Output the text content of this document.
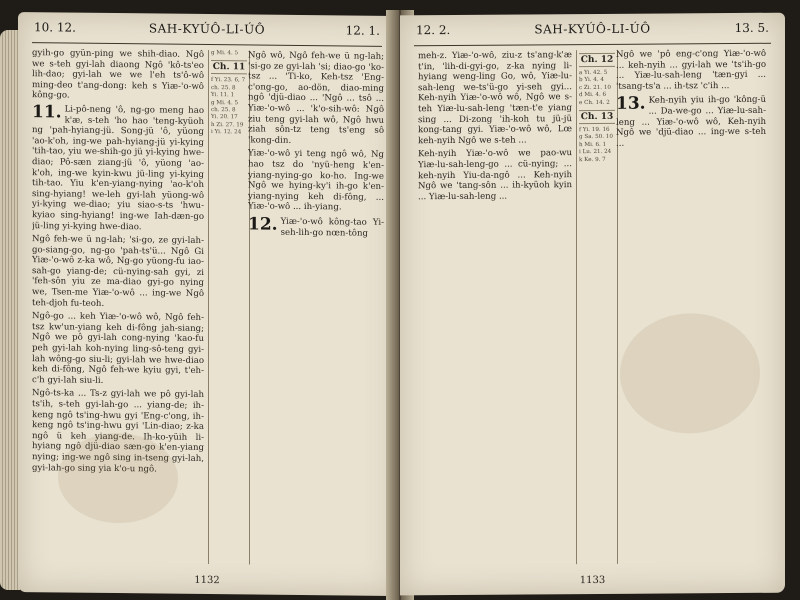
10. 12.	SAH-KYÚÔ-LI-ÚÔ	12. 1.
gyih-go gyün-ping we shih-diao. Ngô we s-teh gyi-lah diaong Ngô 'kô-ts'eo lih-dao; gyi-lah we we l'eh ts'ô-wô ming-deo t'ang-dong: keh s Yiæ-'o-wô kông-go.
11. Li-pô-neng 'ô, ng-go meng hao k'æ, s-teh 'ho hao 'teng-kyüoh ng 'pah-hyiang-jü. Song-jü 'ô, yüong 'ao-k'oh, ing-we pah-hyiang-jü yi-kying 'tih-tao, yiu we-shih-go jü yi-kying hwe-diao; Pô-sæn ziang-jü 'ô, yüong 'ao-k'oh, ing-we kyin-kwu jü-ling yi-kying tih-tao. Yiu k'en-yiang-nying 'ao-k'oh sing-hyiang! we-leh gyi-lah yüong-wô yi-kying we-diao; yiu siao-s-ts 'hwu-kyiao sing-hyiang! ing-we Iah-dæn-go jü-ling yi-kying hwe-diao.
Ngô feh-we ü ng-lah; 'si-go, ze gyi-lah-go-siang-go, ng-go 'pah-ts'ü... Ngô Gi Yiæ-'o-wô z-ka wô, Ng-go yüong-fu iao-sah-go yiang-de; cü-nying-sah gyi, zi 'feh-sôn yiu ze ma-diao gyi-go nying we, Tsen-me Yiæ-'o-wô ... ing-we Ngô teh-djoh fu-teoh.
Ngô-go ... keh Yiæ-'o-wô wô, Ngô feh-tsz kw'un-yiang keh di-fông jah-siang; Ngô we pô gyi-lah cong-nying 'kao-fu peh gyi-lah koh-nying ling-sô-teng gyi-lah wông-go siu-li; gyi-lah we hwe-diao keh di-fông, Ngô feh-we kyiu gyi, t'eh-c'h gyi-lah siu-li.
Ngô-ts-ka ... Ts-z gyi-lah we pô gyi-lah ts'ih, s-teh gyi-lah-go ... yiang-de; ih-keng ngô ts'ing-hwu gyi 'Eng-c'ong, ih-keng ngô ts'ing-hwu gyi 'Lin-diao; z-ka ngô ü keh yiang-de. Ih-ko-yüih li-hyiang ngô djü-diao sæn-go k'en-yiang nying; ing-we ngô sing in-tseng gyi-lah, gyi-lah-go sing yia k'o-u ngô.
g Mi. 4. 5
Ch. 11
f Yi. 23. 6, 7
ch. 25. 8
Yi. 11. 1
g Mi. 4. 5
ch. 25. 8
Yi. 20. 17
h Zi. 27. 19
i Yi. 12. 24
Ngô wô, Ngô feh-we ü ng-lah; 'si-go ze gyi-lah 'si; diao-go 'ko-tsz ... 'Ti-ko, Keh-tsz 'Eng-c'ong-go, ao-dön, diao-ming ngô 'djü-diao ... 'Ngô ... tsô ... Yiæ-'o-wô ... 'k'o-sih-wô: Ngô ziu teng gyi-lah wô, Ngô hwu ziah sôn-tz teng ts'eng sô 'kong-din.
Yiæ-'o-wô yi teng ngô wô, Ng hao tsz do 'nyü-heng k'en-yiang-nying-go ko-ho. Ing-we Ngô we hying-ky'i ih-go k'en-yiang-nying keh di-fông, ... Yiæ-'o-wô ... ih-yiang.
12. Yiæ-'o-wô kông-tao Yi-seh-lih-go nœn-tông
1132
12. 2.	SAH-KYÚÔ-LI-ÚÔ	13. 5.
meh-z. Yiæ-'o-wô, ziu-z ts'ang-k'æ t'in, 'lih-di-gyi-go, z-ka nying li-hyiang weng-ling Go, wô, Yiæ-lu-sah-leng we-ts'ü-go yi-seh gyi... Keh-nyih Yiæ-'o-wô wô, Ngô we s-teh Yiæ-lu-sah-leng 'tæn-t'e yiang sing ... Di-zong 'ih-koh tu jü-jü kong-tang gyi. Yiæ-'o-wô wô, Lœ keh-nyih Ngô we s-teh ...
Keh-nyih Yiæ-'o-wô we pao-wu Yiæ-lu-sah-leng-go ... cü-nying; ... keh-nyih Yiu-da-ngô ... Keh-nyih Ngô we 'tang-sôn ... ih-kyüoh kyin ... Yiæ-lu-sah-leng ...
Ch. 12
a Yi. 42. 5
b Yi. 4. 4
c Zi. 21. 10
d Mi. 4. 6
e Ch. 14. 2
Ch. 13
f Yi. 19. 16
g Sa. 50. 10
h Mi. 6. 1
i Lu. 21. 24
k Ke. 9. 7
Ngô we 'pô eng-c'ong Yiæ-'o-wô ... keh-nyih ... gyi-lah we 'ts'ih-go ... Yiæ-lu-sah-leng 'tæn-gyi ... 'tsang-ts'a ... ih-tsz 'c'ih ...
13. Keh-nyih yiu ih-go 'kông-ü ... Da-we-go ... Yiæ-lu-sah-leng ... Yiæ-'o-wô wô, Keh-nyih Ngô we 'djü-diao ... ing-we s-teh ...
1133
